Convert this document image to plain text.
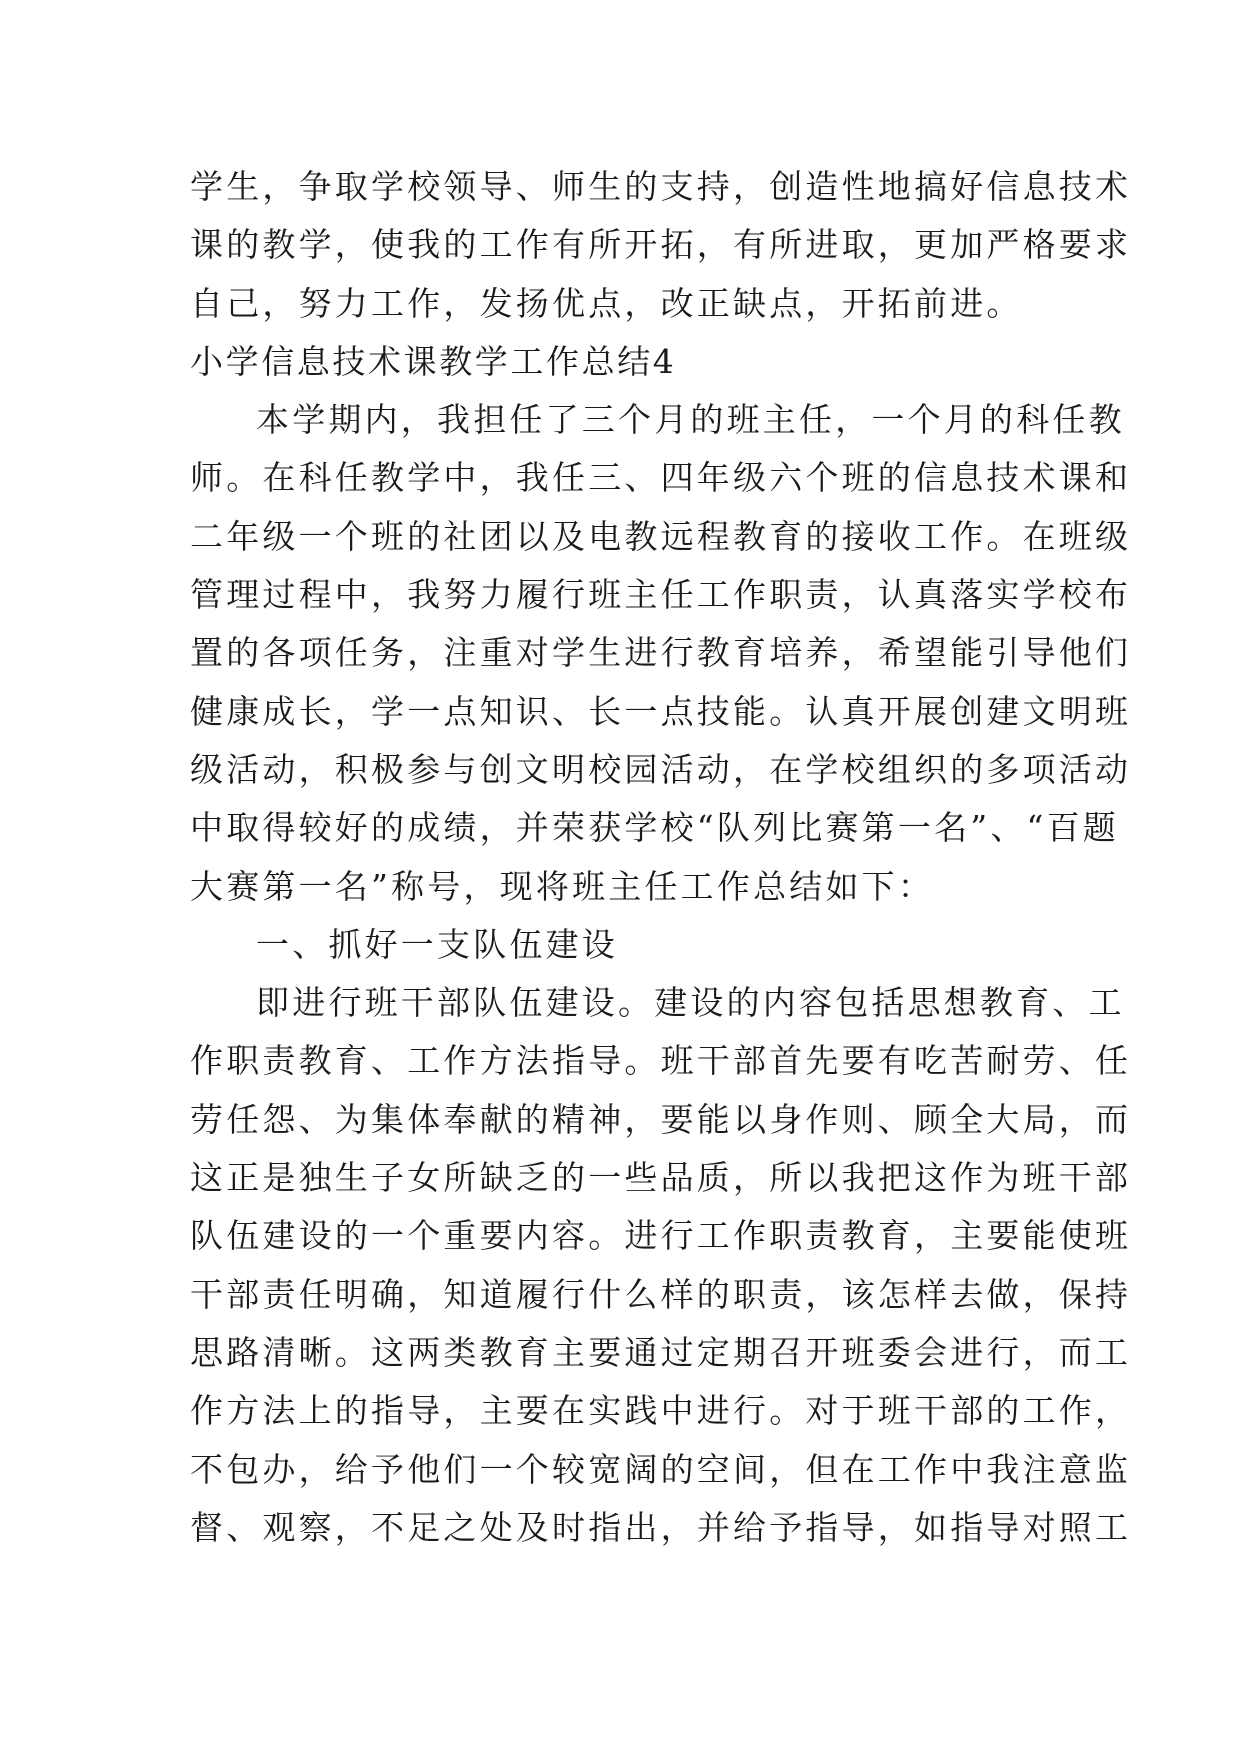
学生，争取学校领导、师生的支持，创造性地搞好信息技术
课的教学，使我的工作有所开拓，有所进取，更加严格要求
自己，努力工作，发扬优点，改正缺点，开拓前进。
小学信息技术课教学工作总结4
本学期内，我担任了三个月的班主任，一个月的科任教
师。在科任教学中，我任三、四年级六个班的信息技术课和
二年级一个班的社团以及电教远程教育的接收工作。在班级
管理过程中，我努力履行班主任工作职责，认真落实学校布
置的各项任务，注重对学生进行教育培养，希望能引导他们
健康成长，学一点知识、长一点技能。认真开展创建文明班
级活动，积极参与创文明校园活动，在学校组织的多项活动
中取得较好的成绩，并荣获学校“队列比赛第一名”、“百题
大赛第一名”称号，现将班主任工作总结如下：
一、抓好一支队伍建设
即进行班干部队伍建设。建设的内容包括思想教育、工
作职责教育、工作方法指导。班干部首先要有吃苦耐劳、任
劳任怨、为集体奉献的精神，要能以身作则、顾全大局，而
这正是独生子女所缺乏的一些品质，所以我把这作为班干部
队伍建设的一个重要内容。进行工作职责教育，主要能使班
干部责任明确，知道履行什么样的职责，该怎样去做，保持
思路清晰。这两类教育主要通过定期召开班委会进行，而工
作方法上的指导，主要在实践中进行。对于班干部的工作，
不包办，给予他们一个较宽阔的空间，但在工作中我注意监
督、观察，不足之处及时指出，并给予指导，如指导对照工
